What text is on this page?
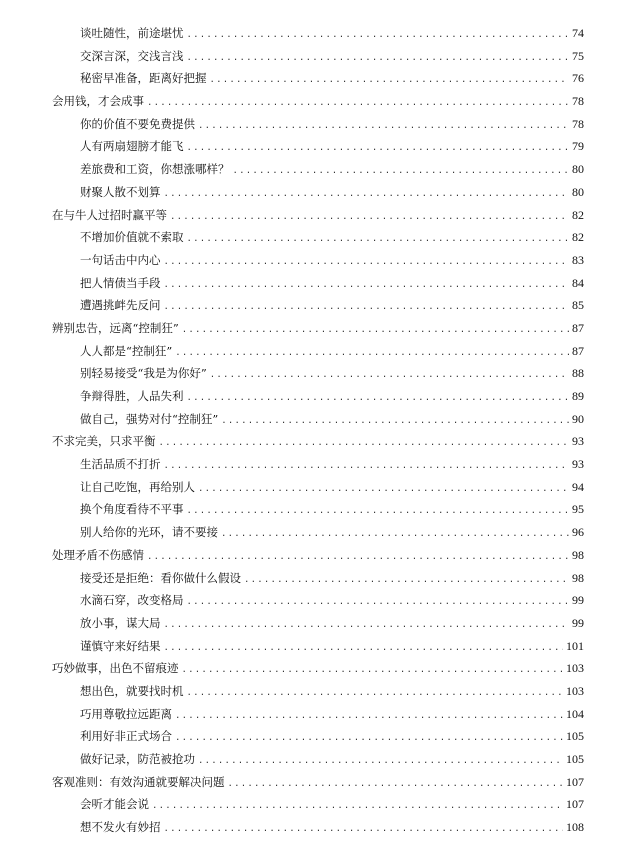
谈吐随性，前途堪忧 .....	74
交深言深，交浅言浅 .....	75
秘密早准备，距离好把握 .....	76
会用钱，才会成事 .....	78
你的价值不要免费提供 .....	78
人有两扇翅膀才能飞 .....	79
差旅费和工资，你想涨哪样？ .....	80
财聚人散不划算 .....	80
在与牛人过招时赢平等 .....	82
不增加价值就不索取 .....	82
一句话击中内心 .....	83
把人情债当手段 .....	84
遭遇挑衅先反问 .....	85
辨别忠告，远离“控制狂” .....	87
人人都是“控制狂” .....	87
别轻易接受“我是为你好” .....	88
争辩得胜，人品失利 .....	89
做自己，强势对付“控制狂” .....	90
不求完美，只求平衡 .....	93
生活品质不打折 .....	93
让自己吃饱，再给别人 .....	94
换个角度看待不平事 .....	95
别人给你的光环，请不要接 .....	96
处理矛盾不伤感情 .....	98
接受还是拒绝：看你做什么假设 .....	98
水滴石穿，改变格局 .....	99
放小事，谋大局 .....	99
谨慎守来好结果 .....	101
巧妙做事，出色不留痕迹 .....	103
想出色，就要找时机 .....	103
巧用尊敬拉远距离 .....	104
利用好非正式场合 .....	105
做好记录，防范被抢功 .....	105
客观准则：有效沟通就要解决问题 .....	107
会听才能会说 .....	107
想不发火有妙招 .....	108
